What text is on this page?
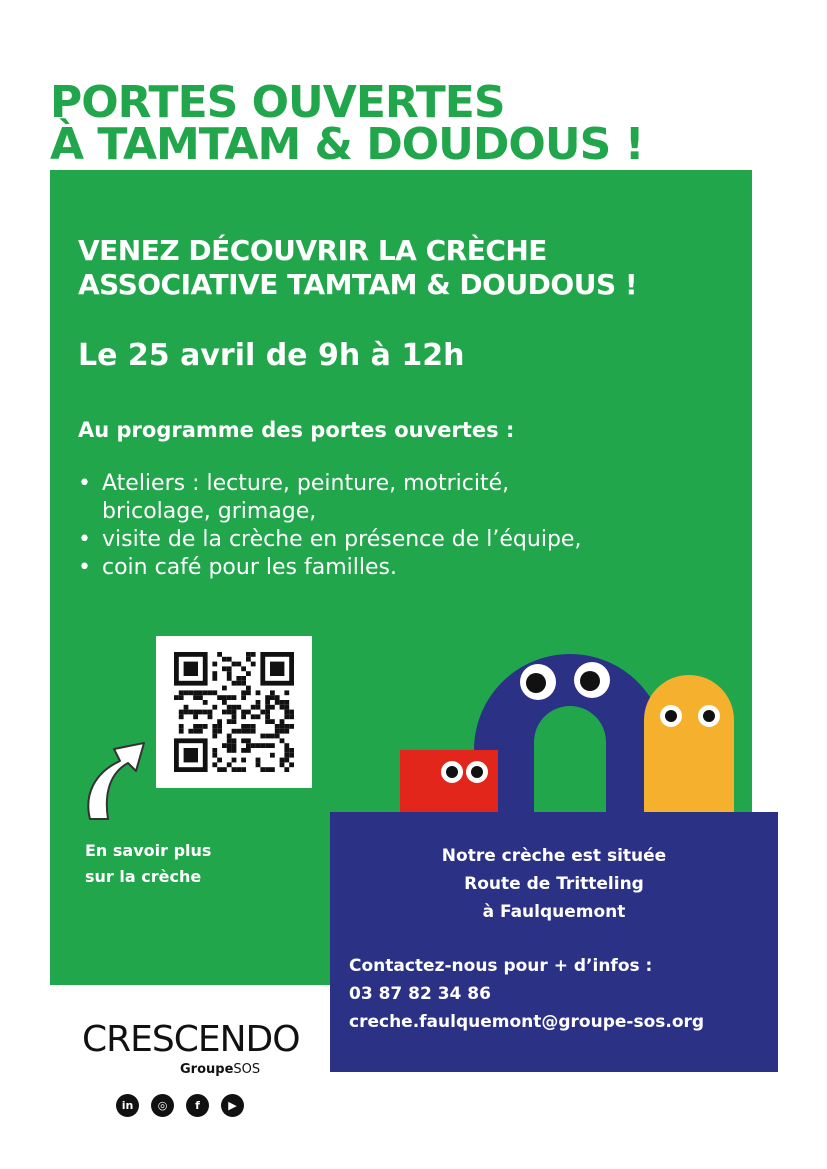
PORTES OUVERTES
À TAMTAM & DOUDOUS !
VENEZ DÉCOUVRIR LA CRÈCHE
ASSOCIATIVE TAMTAM & DOUDOUS !
Le 25 avril de 9h à 12h
Au programme des portes ouvertes :
• Ateliers : lecture, peinture, motricité,
bricolage, grimage,
• visite de la crèche en présence de l’équipe,
• coin café pour les familles.
En savoir plus
sur la crèche
Notre crèche est située
Route de Tritteling
à Faulquemont
Contactez-nous pour + d’infos :
03 87 82 34 86
creche.faulquemont@groupe-sos.org
CRESCENDO
GroupeSOS
in	◎	f	▶
